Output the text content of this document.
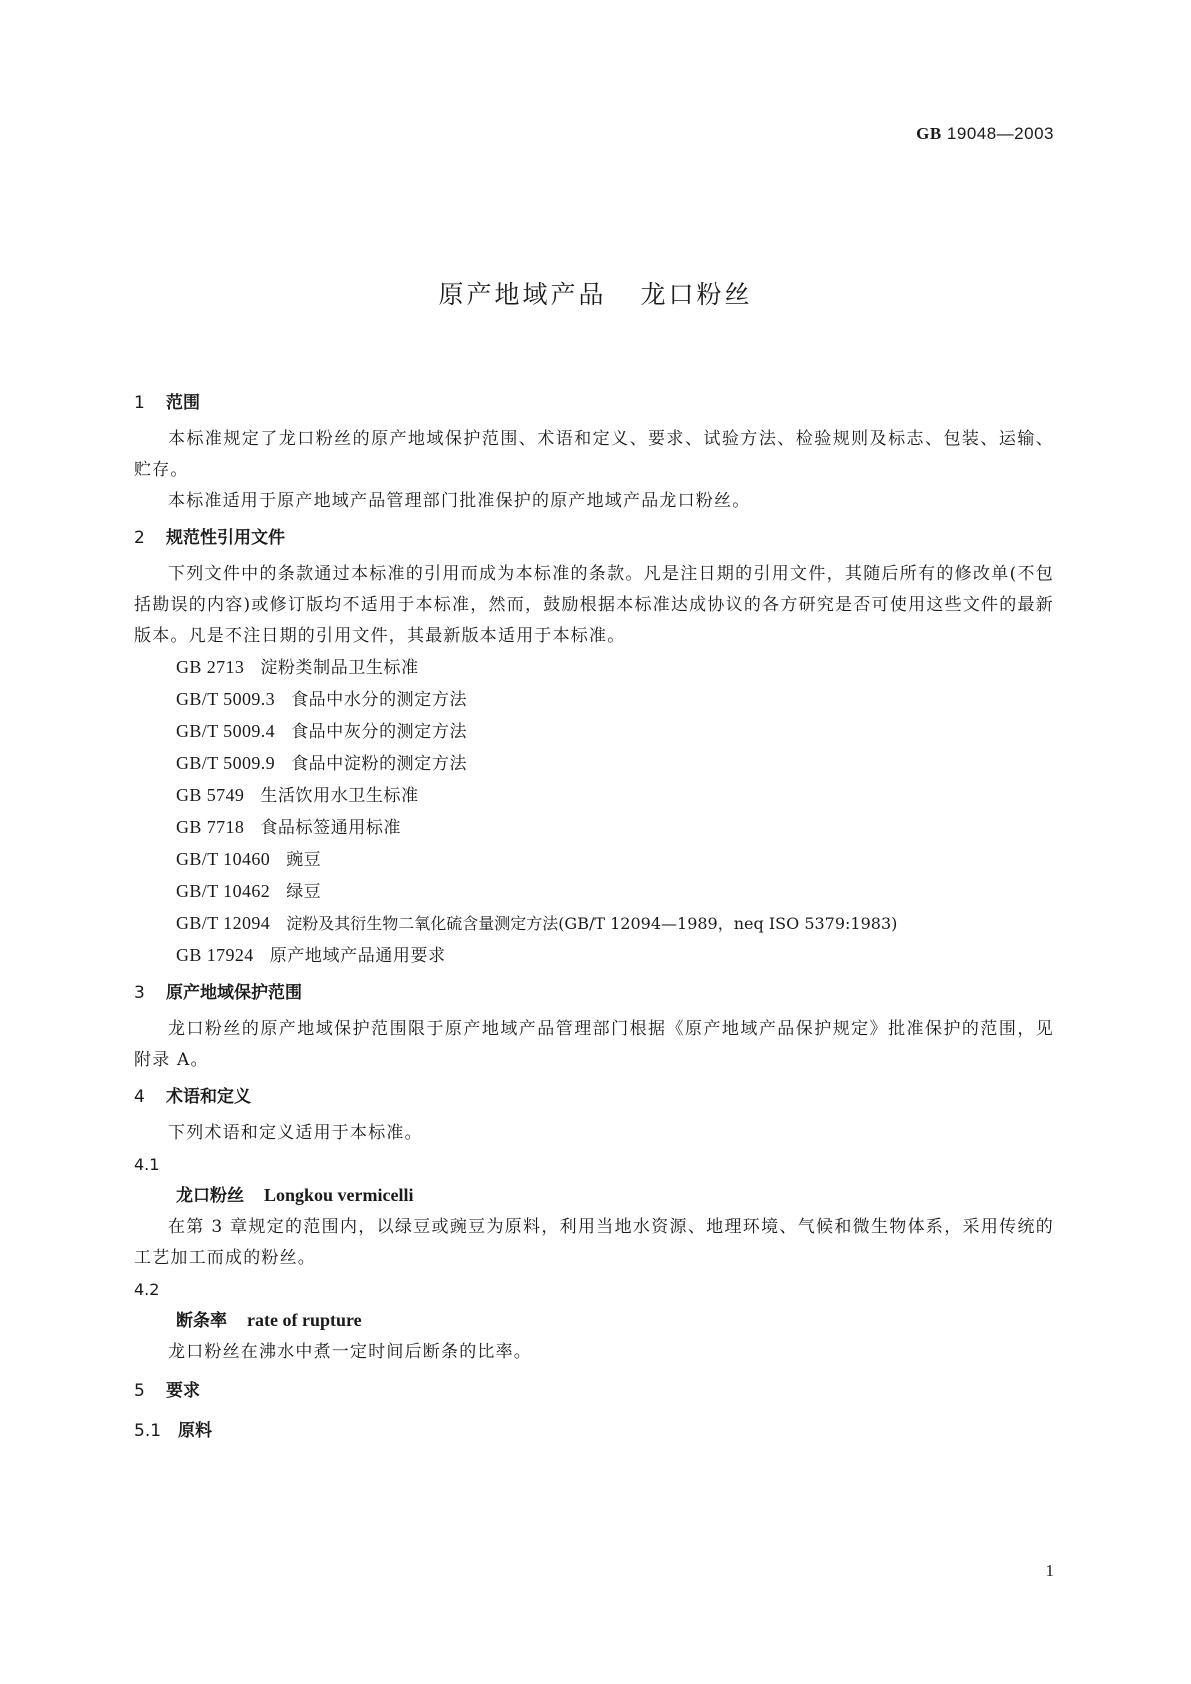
GB 19048—2003
原产地域产品 龙口粉丝
1 范围

本标准规定了龙口粉丝的原产地域保护范围、术语和定义、要求、试验方法、检验规则及标志、包装、运输、贮存。

本标准适用于原产地域产品管理部门批准保护的原产地域产品龙口粉丝。

2 规范性引用文件

下列文件中的条款通过本标准的引用而成为本标准的条款。凡是注日期的引用文件，其随后所有的修改单(不包括勘误的内容)或修订版均不适用于本标准，然而，鼓励根据本标准达成协议的各方研究是否可使用这些文件的最新版本。凡是不注日期的引用文件，其最新版本适用于本标准。

GB 2713 淀粉类制品卫生标准

GB/T 5009.3 食品中水分的测定方法

GB/T 5009.4 食品中灰分的测定方法

GB/T 5009.9 食品中淀粉的测定方法

GB 5749 生活饮用水卫生标准

GB 7718 食品标签通用标准

GB/T 10460 豌豆

GB/T 10462 绿豆

GB/T 12094 淀粉及其衍生物二氧化硫含量测定方法(GB/T 12094—1989，neq ISO 5379:1983)

GB 17924 原产地域产品通用要求

3 原产地域保护范围

龙口粉丝的原产地域保护范围限于原产地域产品管理部门根据《原产地域产品保护规定》批准保护的范围，见附录 A。

4 术语和定义

下列术语和定义适用于本标准。

4.1

龙口粉丝 Longkou vermicelli

在第 3 章规定的范围内，以绿豆或豌豆为原料，利用当地水资源、地理环境、气候和微生物体系，采用传统的工艺加工而成的粉丝。

4.2

断条率 rate of rupture

龙口粉丝在沸水中煮一定时间后断条的比率。

5 要求
5.1 原料
1
